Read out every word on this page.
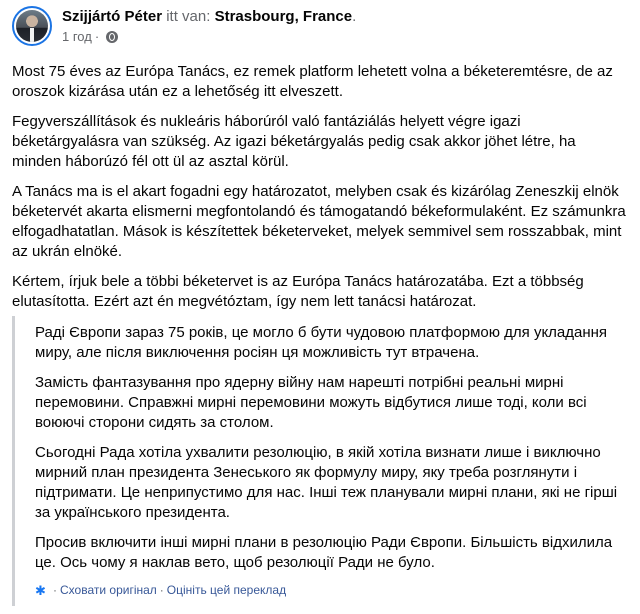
Szijjártó Péter itt van: Strasbourg, France.
1 год ·

Most 75 éves az Európa Tanács, ez remek platform lehetett volna a béketeremtésre, de az oroszok kizárása után ez a lehetőség itt elveszett.

Fegyverszállítások és nukleáris háborúról való fantáziálás helyett végre igazi béketárgyalásra van szükség. Az igazi béketárgyalás pedig csak akkor jöhet létre, ha minden háborúzó fél ott ül az asztal körül.

A Tanács ma is el akart fogadni egy határozatot, melyben csak és kizárólag Zeneszkij elnök béketervét akarta elismerni megfontolandó és támogatandó békeformulaként. Ez számunkra elfogadhatatlan. Mások is készítettek béketerveket, melyek semmivel sem rosszabbak, mint az ukrán elnöké.

Kértem, írjuk bele a többi béketervet is az Európa Tanács határozatába. Ezt a többség elutasította. Ezért azt én megvétóztam, így nem lett tanácsi határozat.

Раді Європи зараз 75 років, це могло б бути чудовою платформою для укладання миру, але після виключення росіян ця можливість тут втрачена.

Замість фантазування про ядерну війну нам нарешті потрібні реальні мирні перемовини. Справжні мирні перемовини можуть відбутися лише тоді, коли всі воюючі сторони сидять за столом.

Сьогодні Рада хотіла ухвалити резолюцію, в якій хотіла визнати лише і виключно мирний план президента Зенеського як формулу миру, яку треба розглянути і підтримати. Це неприпустимо для нас. Інші теж планували мирні плани, які не гірші за українського президента.

Просив включити інші мирні плани в резолюцію Ради Європи. Більшість відхилила це. Ось чому я наклав вето, щоб резолюції Ради не було.

✱ · Сховати оригінал · Оцініть цей переклад
